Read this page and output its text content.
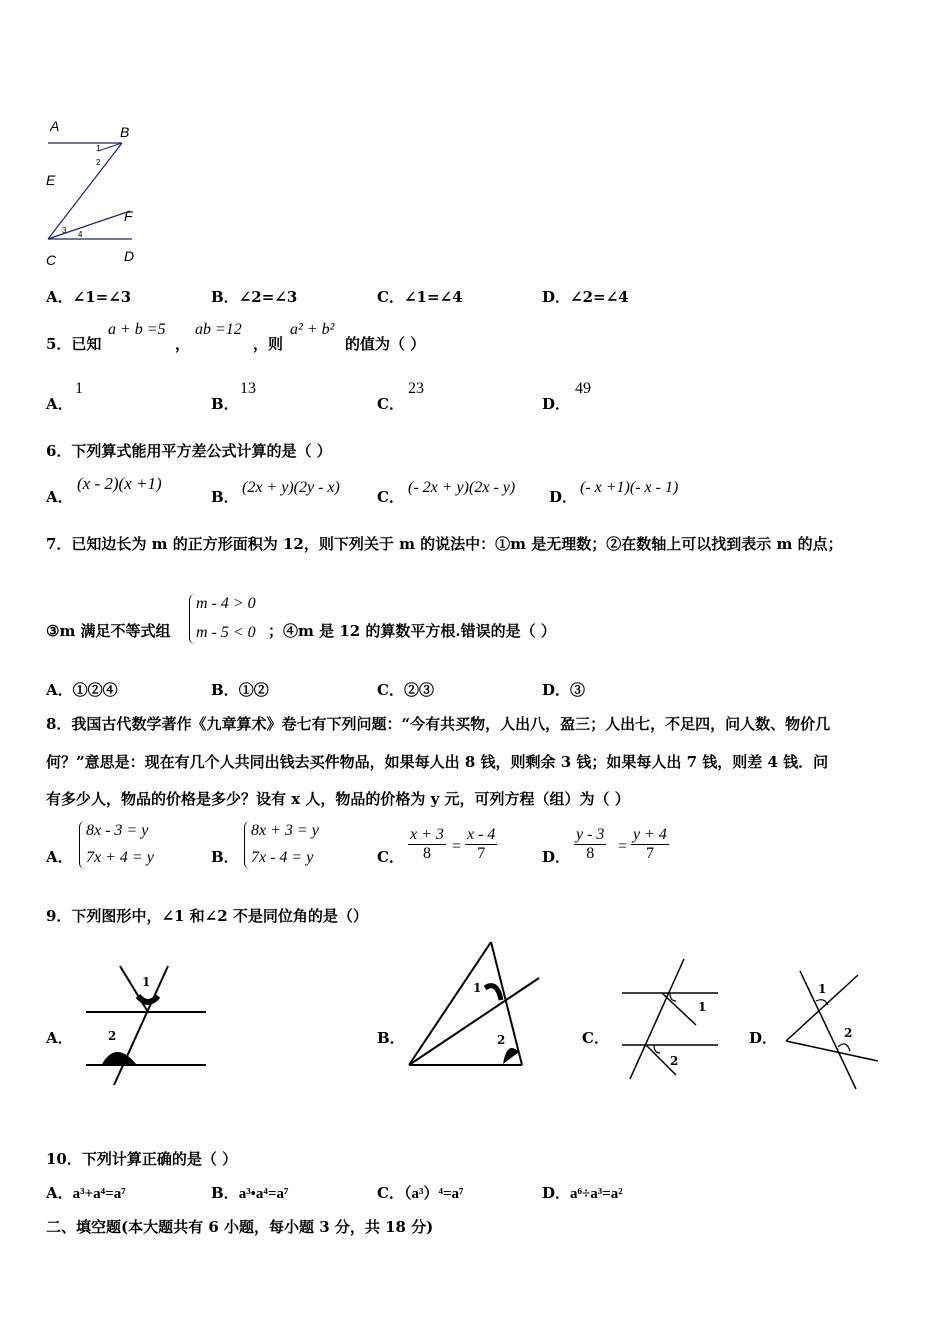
A	B
E
F
C	D
1
2
3 4
A．∠1=∠3	B．∠2=∠3	C．∠1=∠4	D．∠2=∠4
5．已知
a + b =5
，
ab =12
，则
a² + b²
的值为（ ）
A．
1
B．
13
C．
23
D．
49
6．下列算式能用平方差公式计算的是（ ）
A．
(x - 2)(x +1)
B．
(2x + y)(2y - x)
C．
(- 2x + y)(2x - y)
D．
(- x +1)(- x - 1)
7．已知边长为 m 的正方形面积为 12，则下列关于 m 的说法中：①m 是无理数；②在数轴上可以找到表示 m 的点；
③m 满足不等式组
m - 4 > 0
m - 5 < 0 ；④m 是 12 的算数平方根.错误的是（ ）
A．①②④	B．①②	C．②③	D．③
8．我国古代数学著作《九章算术》卷七有下列问题：“今有共买物，人出八，盈三；人出七，不足四，问人数、物价几
何？”意思是：现在有几个人共同出钱去买件物品，如果每人出 8 钱，则剩余 3 钱；如果每人出 7 钱，则差 4 钱．问
有多少人，物品的价格是多少？设有 x 人，物品的价格为 y 元，可列方程（组）为（ ）
A．
8x - 3 = y
7x + 4 = y	B．
8x + 3 = y
7x - 4 = y	C． $\frac{x + 3}{8} = \frac{x - 4}{7}$	D． $\frac{y - 3}{8} = \frac{y + 4}{7}$
9．下列图形中，∠1 和∠2 不是同位角的是（）
A．
1
2	B．
1
2	C．
1
2
D．
1
2
10．下列计算正确的是（ ）
A．a³+a⁴=a⁷	B．a³•a⁴=a⁷	C．（a³）⁴=a⁷	D．a⁶÷a³=a²
二、填空题(本大题共有 6 小题，每小题 3 分，共 18 分)
